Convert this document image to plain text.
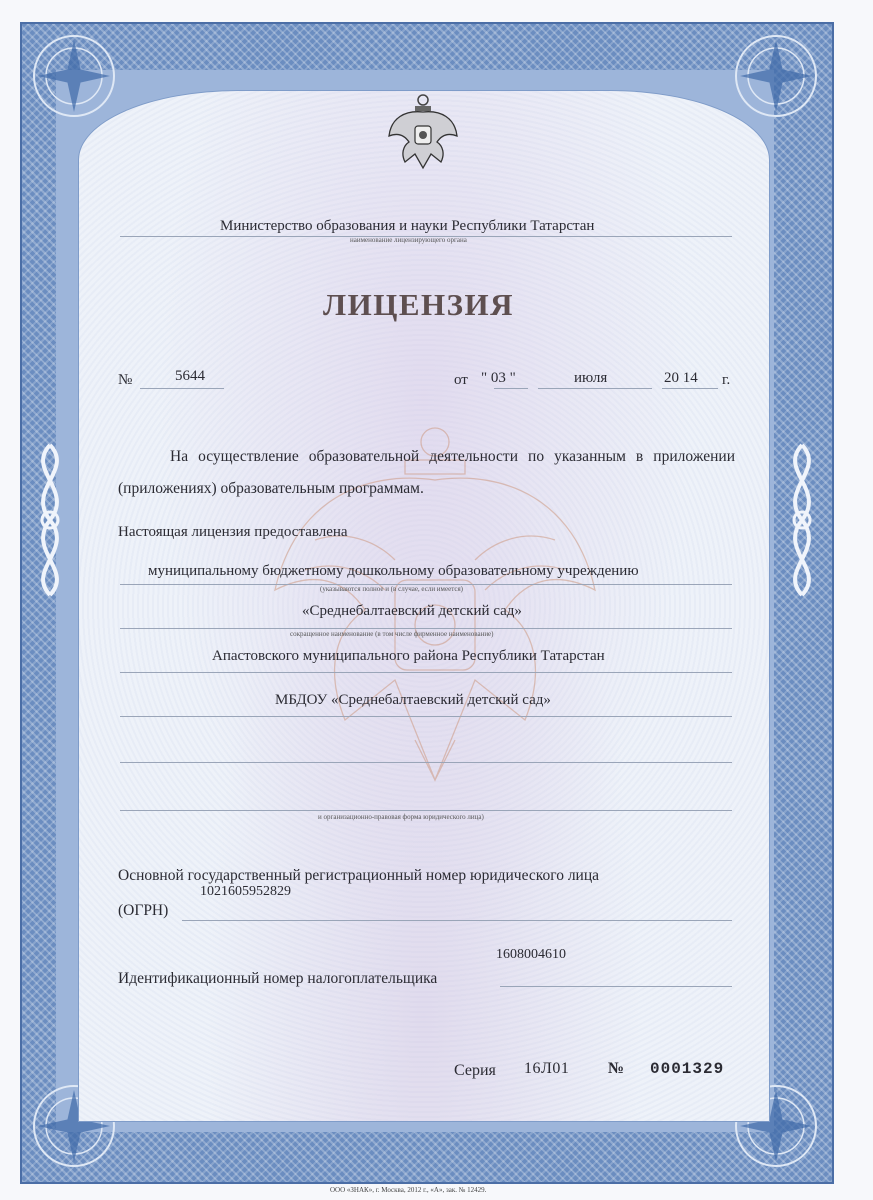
Министерство образования и науки Республики Татарстан
наименование лицензирующего органа
ЛИЦЕНЗИЯ
№	5644	от " 03 "	июля	20 14 г.
На осуществление образовательной деятельности по указанным в приложении (приложениях) образовательным программам.
Настоящая лицензия предоставлена
муниципальному бюджетному дошкольному образовательному учреждению
(указываются полное и (в случае, если имеется)
«Среднебалтаевский детский сад»
сокращенное наименование (в том числе фирменное наименование)
Апастовского муниципального района Республики Татарстан
МБДОУ «Среднебалтаевский детский сад»
и организационно-правовая форма юридического лица)
Основной государственный регистрационный номер юридического лица
1021605952829
(ОГРН)
1608004610
Идентификационный номер налогоплательщика
Серия 16Л01 № 0001329
ООО «ЗНАК», г. Москва, 2012 г., «А», зак. № 12429.
